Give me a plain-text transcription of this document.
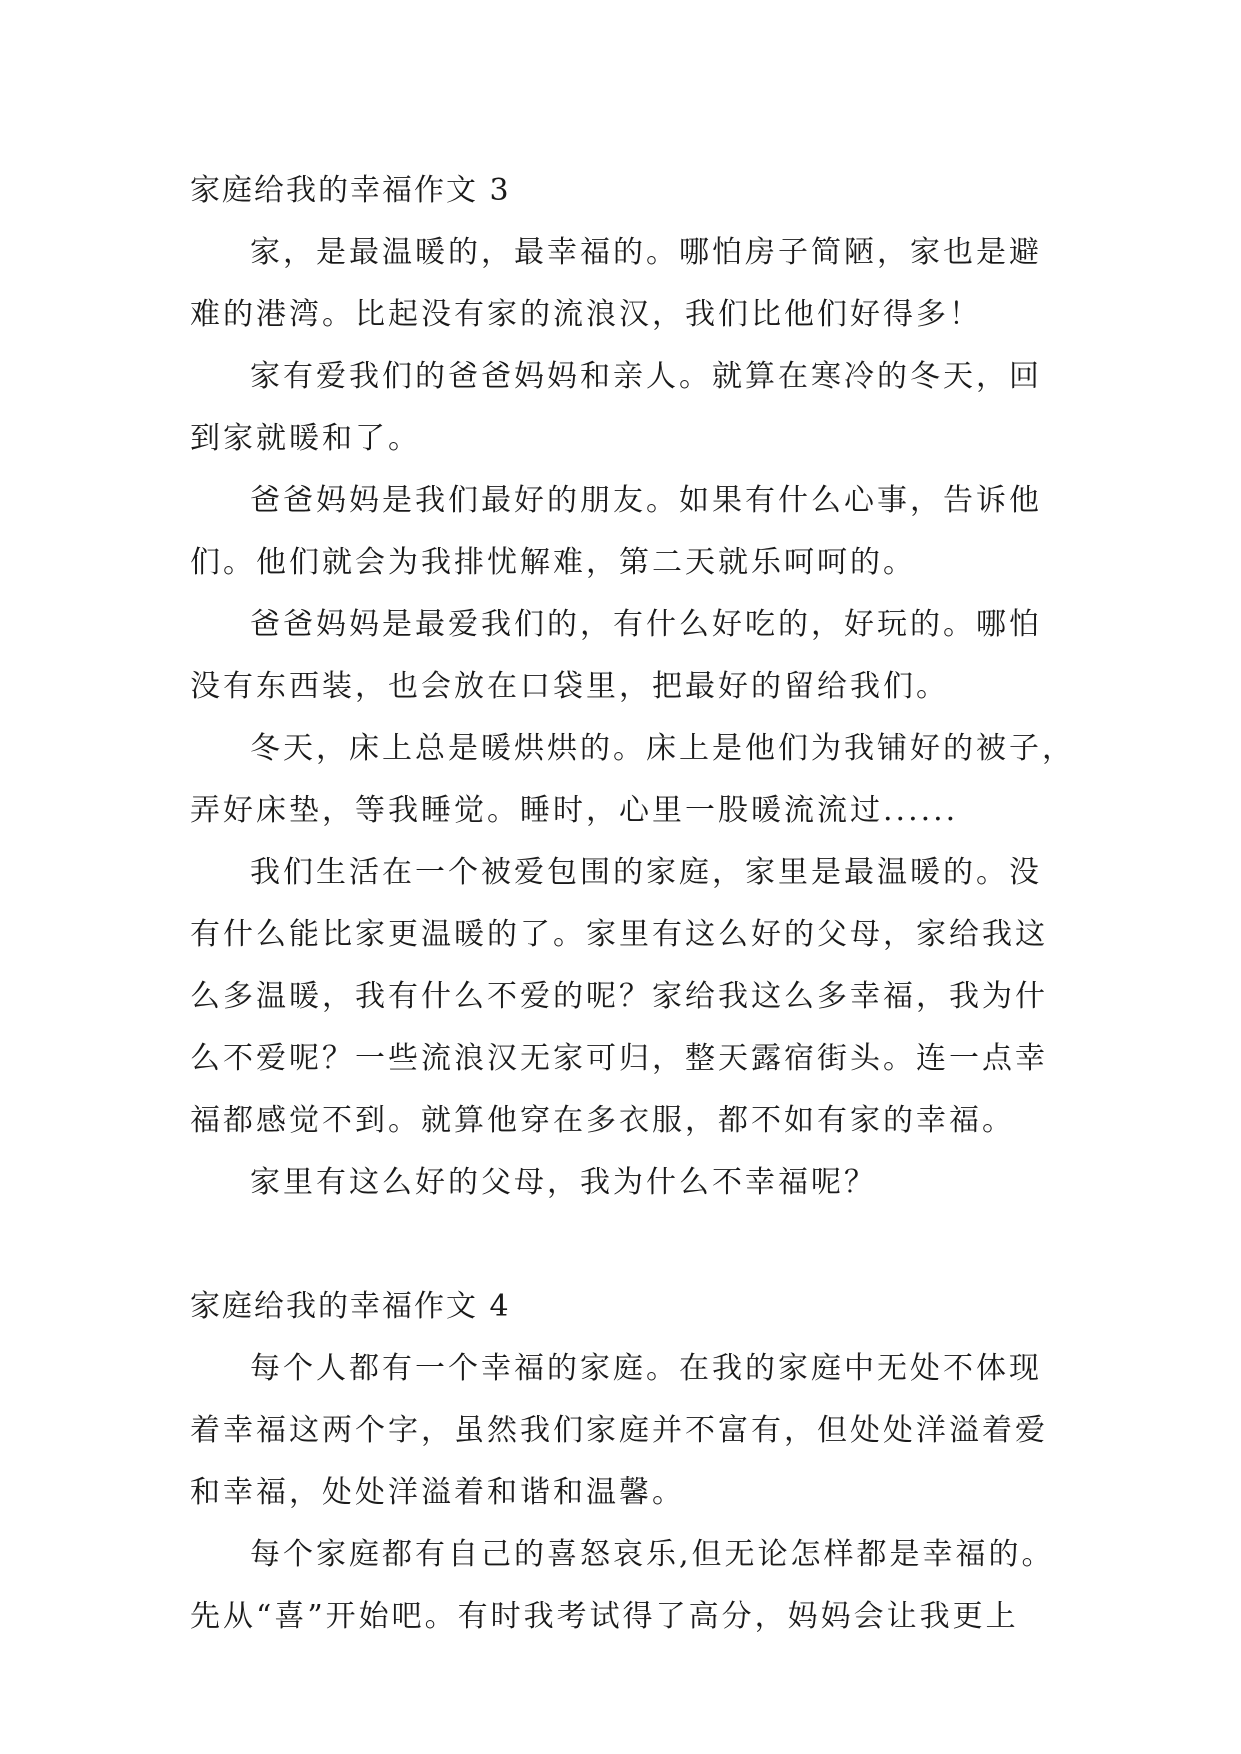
家庭给我的幸福作文 3

家，是最温暖的，最幸福的。哪怕房子简陋，家也是避
难的港湾。比起没有家的流浪汉，我们比他们好得多！

家有爱我们的爸爸妈妈和亲人。就算在寒冷的冬天，回
到家就暖和了。

爸爸妈妈是我们最好的朋友。如果有什么心事，告诉他
们。他们就会为我排忧解难，第二天就乐呵呵的。

爸爸妈妈是最爱我们的，有什么好吃的，好玩的。哪怕
没有东西装，也会放在口袋里，把最好的留给我们。

冬天，床上总是暖烘烘的。床上是他们为我铺好的被子，
弄好床垫，等我睡觉。睡时，心里一股暖流流过......

我们生活在一个被爱包围的家庭，家里是最温暖的。没
有什么能比家更温暖的了。家里有这么好的父母，家给我这
么多温暖，我有什么不爱的呢？家给我这么多幸福，我为什
么不爱呢？一些流浪汉无家可归，整天露宿街头。连一点幸
福都感觉不到。就算他穿在多衣服，都不如有家的幸福。

家里有这么好的父母，我为什么不幸福呢？

家庭给我的幸福作文 4

每个人都有一个幸福的家庭。在我的家庭中无处不体现
着幸福这两个字，虽然我们家庭并不富有，但处处洋溢着爱
和幸福，处处洋溢着和谐和温馨。

每个家庭都有自己的喜怒哀乐,但无论怎样都是幸福的。
先从“喜”开始吧。有时我考试得了高分，妈妈会让我更上
